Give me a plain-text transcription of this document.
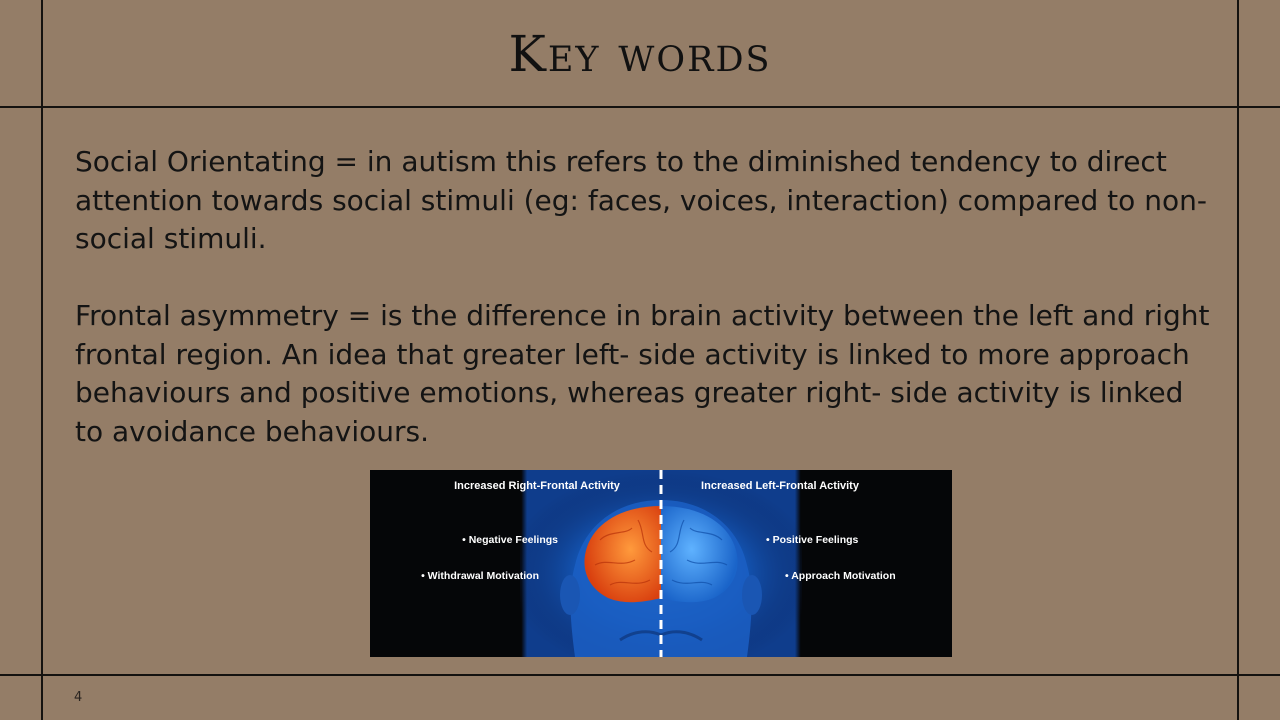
Key words
Social Orientating = in autism this refers to the diminished tendency to direct attention towards social stimuli (eg: faces, voices, interaction) compared to non- social stimuli.
Frontal asymmetry = is the difference in brain activity between the left and right frontal region. An idea that greater left- side activity is linked to more approach behaviours and positive emotions, whereas greater right- side activity is linked to avoidance behaviours.
Increased Right-Frontal Activity	Increased Left-Frontal Activity
• Negative Feelings
• Withdrawal Motivation
• Positive Feelings
• Approach Motivation
4
